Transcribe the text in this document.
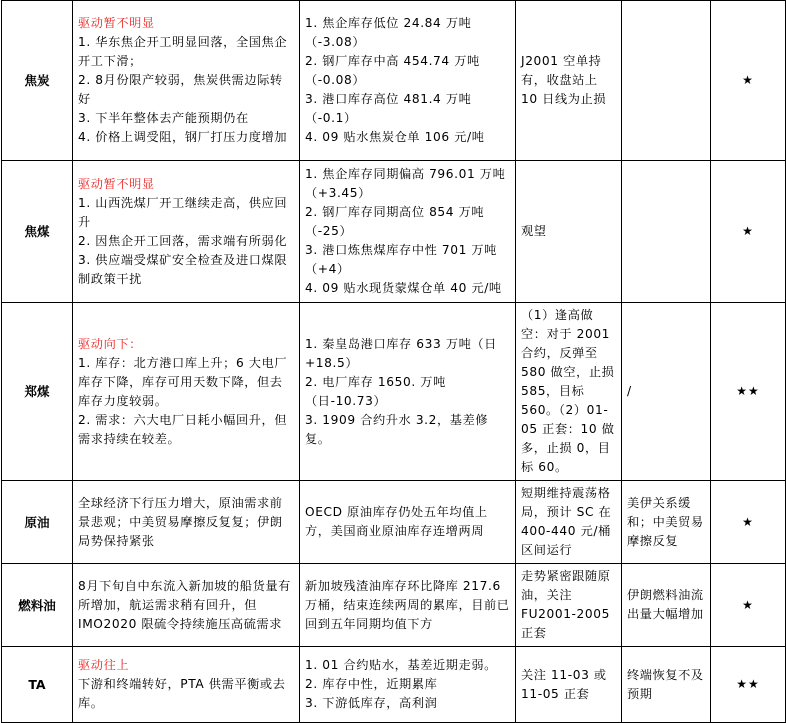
焦炭	驱动暂不明显
1. 华东焦企开工明显回落，全国焦企开工下滑；
2. 8月份限产较弱，焦炭供需边际转好
3. 下半年整体去产能预期仍在
4. 价格上调受阻，钢厂打压力度增加	1. 焦企库存低位 24.84 万吨（-3.08）
2. 钢厂库存中高 454.74 万吨（-0.08）
3. 港口库存高位 481.4 万吨（-0.1）
4. 09 贴水焦炭仓单 106 元/吨	J2001 空单持有，收盘站上 10 日线为止损		★
焦煤	驱动暂不明显
1. 山西洗煤厂开工继续走高，供应回升
2. 因焦企开工回落，需求端有所弱化
3. 供应端受煤矿安全检查及进口煤限制政策干扰	1. 焦企库存同期偏高 796.01 万吨（+3.45）
2. 钢厂库存同期高位 854 万吨（-25）
3. 港口炼焦煤库存中性 701 万吨（+4）
4. 09 贴水现货蒙煤仓单 40 元/吨	观望		★
郑煤	驱动向下：
1. 库存：北方港口库上升；6 大电厂库存下降，库存可用天数下降，但去库存力度较弱。
2. 需求：六大电厂日耗小幅回升，但需求持续在较差。	1. 秦皇岛港口库存 633 万吨（日+18.5）
2. 电厂库存 1650. 万吨（日-10.73）
3. 1909 合约升水 3.2，基差修复。	（1）逢高做空：对于 2001 合约，反弹至 580 做空，止损 585，目标 560。（2）01-05 正套：10 做多，止损 0，目标 60。	/	★★
原油	全球经济下行压力增大，原油需求前景悲观；中美贸易摩擦反复复；伊朗局势保持紧张	OECD 原油库存仍处五年均值上方，美国商业原油库存连增两周	短期维持震荡格局，预计 SC 在 400-440 元/桶区间运行	美伊关系缓和；中美贸易摩擦反复	★
燃料油	8月下旬自中东流入新加坡的船货量有所增加，航运需求稍有回升，但 IMO2020 限硫令持续施压高硫需求	新加坡残渣油库存环比降库 217.6 万桶，结束连续两周的累库，目前已回到五年同期均值下方	走势紧密跟随原油，关注 FU2001-2005 正套	伊朗燃料油流出量大幅增加	★
TA	驱动往上
下游和终端转好，PTA 供需平衡或去库。	1. 01 合约贴水，基差近期走弱。
2. 库存中性，近期累库
3. 下游低库存，高利润	关注 11-03 或 11-05 正套	终端恢复不及预期	★★
